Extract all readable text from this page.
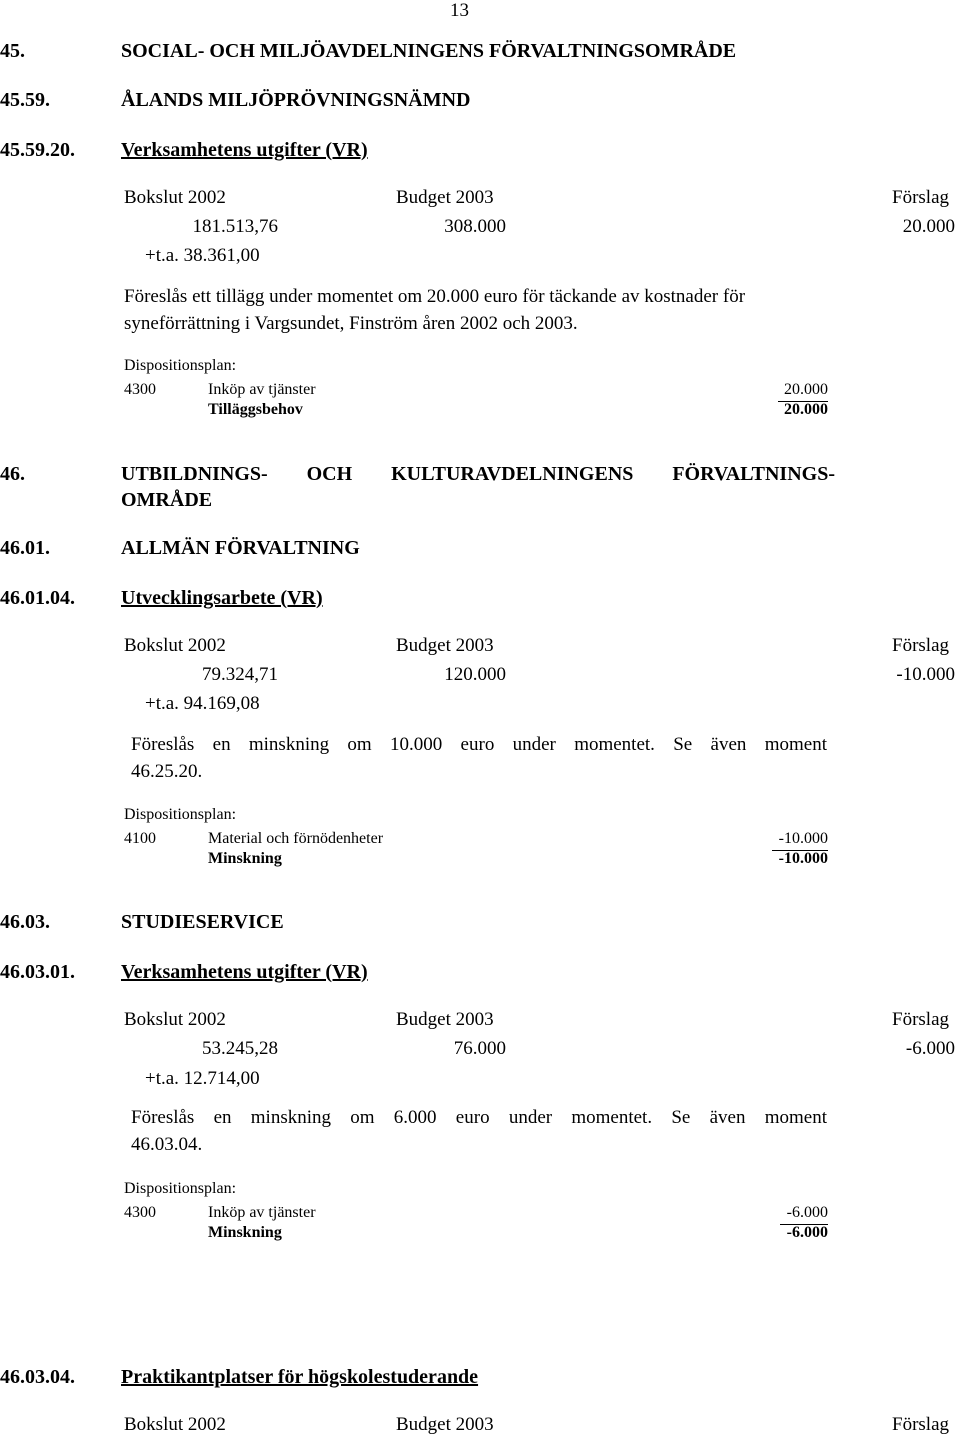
13
45.	SOCIAL- OCH MILJÖAVDELNINGENS FÖRVALTNINGSOMRÅDE
45.59.	ÅLANDS MILJÖPRÖVNINGSNÄMND
45.59.20. Verksamhetens utgifter (VR)
Bokslut 2002	Budget 2003	Förslag
181.513,76	308.000	20.000
+t.a. 38.361,00
Föreslås ett tillägg under momentet om 20.000 euro för täckande av kostnader för
syneförrättning i Vargsundet, Finström åren 2002 och 2003.
Dispositionsplan:
4300	Inköp av tjänster	20.000
Tilläggsbehov	20.000
46.	UTBILDNINGS- OCH KULTURAVDELNINGENS FÖRVALTNINGS-
OMRÅDE
46.01.	ALLMÄN FÖRVALTNING
46.01.04. Utvecklingsarbete (VR)
Bokslut 2002	Budget 2003	Förslag
79.324,71	120.000	-10.000
+t.a. 94.169,08
Föreslås en minskning om 10.000 euro under momentet. Se även moment
46.25.20.
Dispositionsplan:
4100	Material och förnödenheter	-10.000
Minskning	-10.000
46.03.	STUDIESERVICE
46.03.01. Verksamhetens utgifter (VR)
Bokslut 2002	Budget 2003	Förslag
53.245,28	76.000	-6.000
+t.a. 12.714,00
Föreslås en minskning om 6.000 euro under momentet. Se även moment
46.03.04.
Dispositionsplan:
4300	Inköp av tjänster	-6.000
Minskning	-6.000
46.03.04. Praktikantplatser för högskolestuderande
Bokslut 2002	Budget 2003	Förslag
